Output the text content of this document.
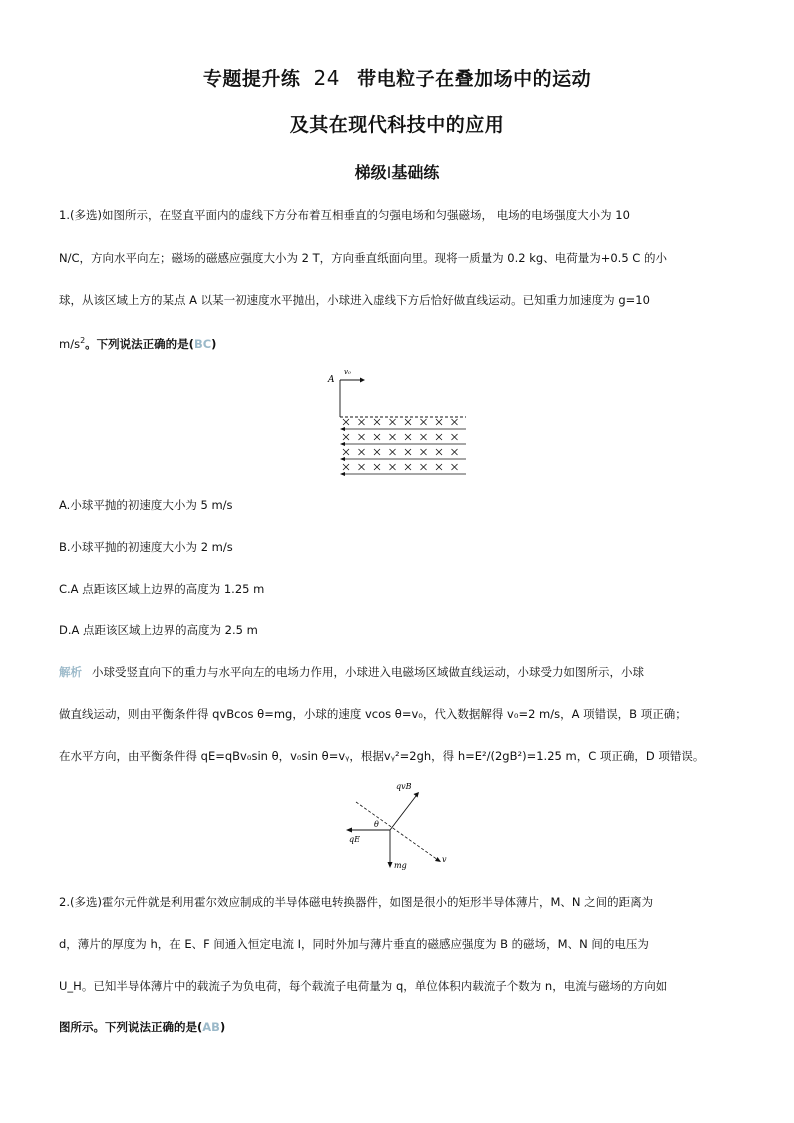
专题提升练 24 带电粒子在叠加场中的运动
及其在现代科技中的应用
梯级Ⅰ基础练
1.(多选)如图所示，在竖直平面内的虚线下方分布着互相垂直的匀强电场和匀强磁场， 电场的电场强度大小为 10
N/C，方向水平向左；磁场的磁感应强度大小为 2 T，方向垂直纸面向里。现将一质量为 0.2 kg、电荷量为+0.5 C 的小
球，从该区域上方的某点 A 以某一初速度水平抛出，小球进入虚线下方后恰好做直线运动。已知重力加速度为 g=10
$m/s^2$。下列说法正确的是(BC)
A
v₀
A.小球平抛的初速度大小为 5 m/s
B.小球平抛的初速度大小为 2 m/s
C.A 点距该区域上边界的高度为 1.25 m
D.A 点距该区域上边界的高度为 2.5 m
解析 小球受竖直向下的重力与水平向左的电场力作用，小球进入电磁场区域做直线运动，小球受力如图所示，小球
做直线运动，则由平衡条件得 qvBcos θ=mg，小球的速度 vcos θ=v₀，代入数据解得 v₀=2 m/s，A 项错误，B 项正确；
在水平方向，由平衡条件得 qE=qBv₀sin θ，v₀sin θ=vᵧ，根据vᵧ²=2gh，得 h=E²/(2gB²)=1.25 m，C 项正确，D 项错误。
qvB
qE
mg
v
θ
2.(多选)霍尔元件就是利用霍尔效应制成的半导体磁电转换器件，如图是很小的矩形半导体薄片，M、N 之间的距离为
d，薄片的厚度为 h，在 E、F 间通入恒定电流 I，同时外加与薄片垂直的磁感应强度为 B 的磁场，M、N 间的电压为
U_H。已知半导体薄片中的载流子为负电荷，每个载流子电荷量为 q，单位体积内载流子个数为 n，电流与磁场的方向如
图所示。下列说法正确的是(AB)
